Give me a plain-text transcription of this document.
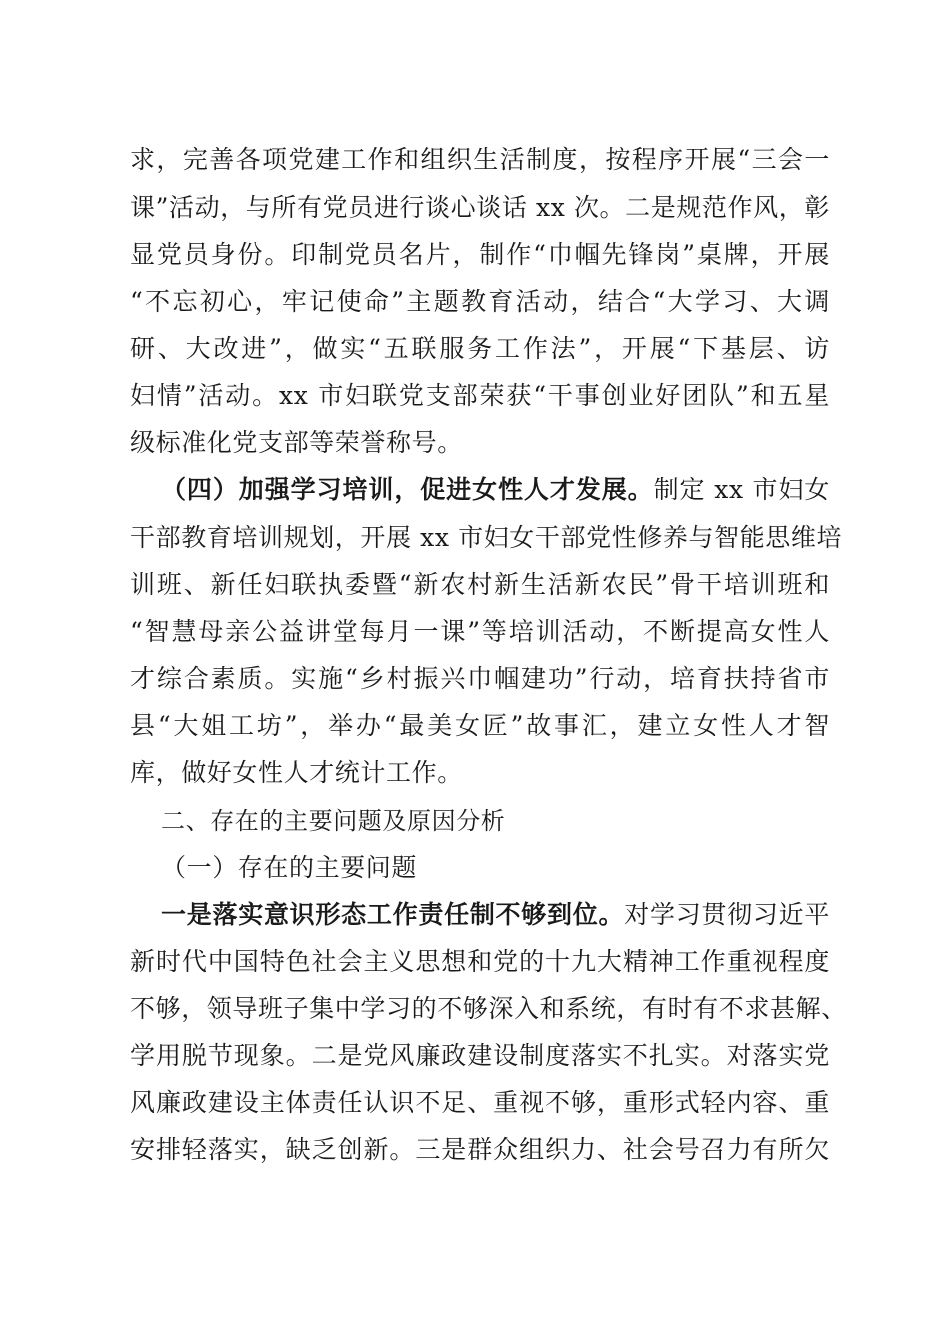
求，完善各项党建工作和组织生活制度，按程序开展“三会一
课”活动，与所有党员进行谈心谈话 xx 次。二是规范作风，彰
显党员身份。印制党员名片，制作“巾帼先锋岗”桌牌，开展
“不忘初心，牢记使命”主题教育活动，结合“大学习、大调
研、大改进”，做实“五联服务工作法”，开展“下基层、访
妇情”活动。xx 市妇联党支部荣获“干事创业好团队”和五星
级标准化党支部等荣誉称号。
（四）加强学习培训，促进女性人才发展。制定 xx 市妇女
干部教育培训规划，开展 xx 市妇女干部党性修养与智能思维培
训班、新任妇联执委暨“新农村新生活新农民”骨干培训班和
“智慧母亲公益讲堂每月一课”等培训活动，不断提高女性人
才综合素质。实施“乡村振兴巾帼建功”行动，培育扶持省市
县“大姐工坊”，举办“最美女匠”故事汇，建立女性人才智
库，做好女性人才统计工作。
二、存在的主要问题及原因分析
（一）存在的主要问题
一是落实意识形态工作责任制不够到位。对学习贯彻习近平
新时代中国特色社会主义思想和党的十九大精神工作重视程度
不够，领导班子集中学习的不够深入和系统，有时有不求甚解、
学用脱节现象。二是党风廉政建设制度落实不扎实。对落实党
风廉政建设主体责任认识不足、重视不够，重形式轻内容、重
安排轻落实，缺乏创新。三是群众组织力、社会号召力有所欠
